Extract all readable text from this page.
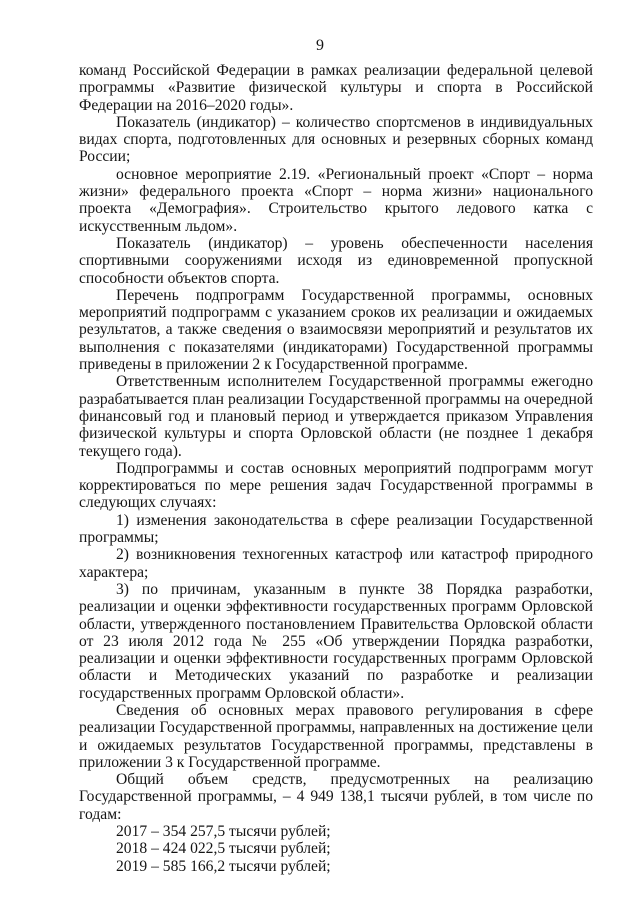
9

команд Российской Федерации в рамках реализации федеральной целевой программы «Развитие физической культуры и спорта в Российской Федерации на 2016–2020 годы».

Показатель (индикатор) – количество спортсменов в индивидуальных видах спорта, подготовленных для основных и резервных сборных команд России;

основное мероприятие 2.19. «Региональный проект «Спорт – норма жизни» федерального проекта «Спорт – норма жизни» национального проекта «Демография». Строительство крытого ледового катка с искусственным льдом».

Показатель (индикатор) – уровень обеспеченности населения спортивными сооружениями исходя из единовременной пропускной способности объектов спорта.

Перечень подпрограмм Государственной программы, основных мероприятий подпрограмм с указанием сроков их реализации и ожидаемых результатов, а также сведения о взаимосвязи мероприятий и результатов их выполнения с показателями (индикаторами) Государственной программы приведены в приложении 2 к Государственной программе.

Ответственным исполнителем Государственной программы ежегодно разрабатывается план реализации Государственной программы на очередной финансовый год и плановый период и утверждается приказом Управления физической культуры и спорта Орловской области (не позднее 1 декабря текущего года).

Подпрограммы и состав основных мероприятий подпрограмм могут корректироваться по мере решения задач Государственной программы в следующих случаях:

1) изменения законодательства в сфере реализации Государственной программы;

2) возникновения техногенных катастроф или катастроф природного характера;

3) по причинам, указанным в пункте 38 Порядка разработки, реализации и оценки эффективности государственных программ Орловской области, утвержденного постановлением Правительства Орловской области от 23 июля 2012 года № 255 «Об утверждении Порядка разработки, реализации и оценки эффективности государственных программ Орловской области и Методических указаний по разработке и реализации государственных программ Орловской области».

Сведения об основных мерах правового регулирования в сфере реализации Государственной программы, направленных на достижение цели и ожидаемых результатов Государственной программы, представлены в приложении 3 к Государственной программе.

Общий объем средств, предусмотренных на реализацию Государственной программы, – 4 949 138,1 тысячи рублей, в том числе по годам:

2017 – 354 257,5 тысячи рублей;

2018 – 424 022,5 тысячи рублей;

2019 – 585 166,2 тысячи рублей;
